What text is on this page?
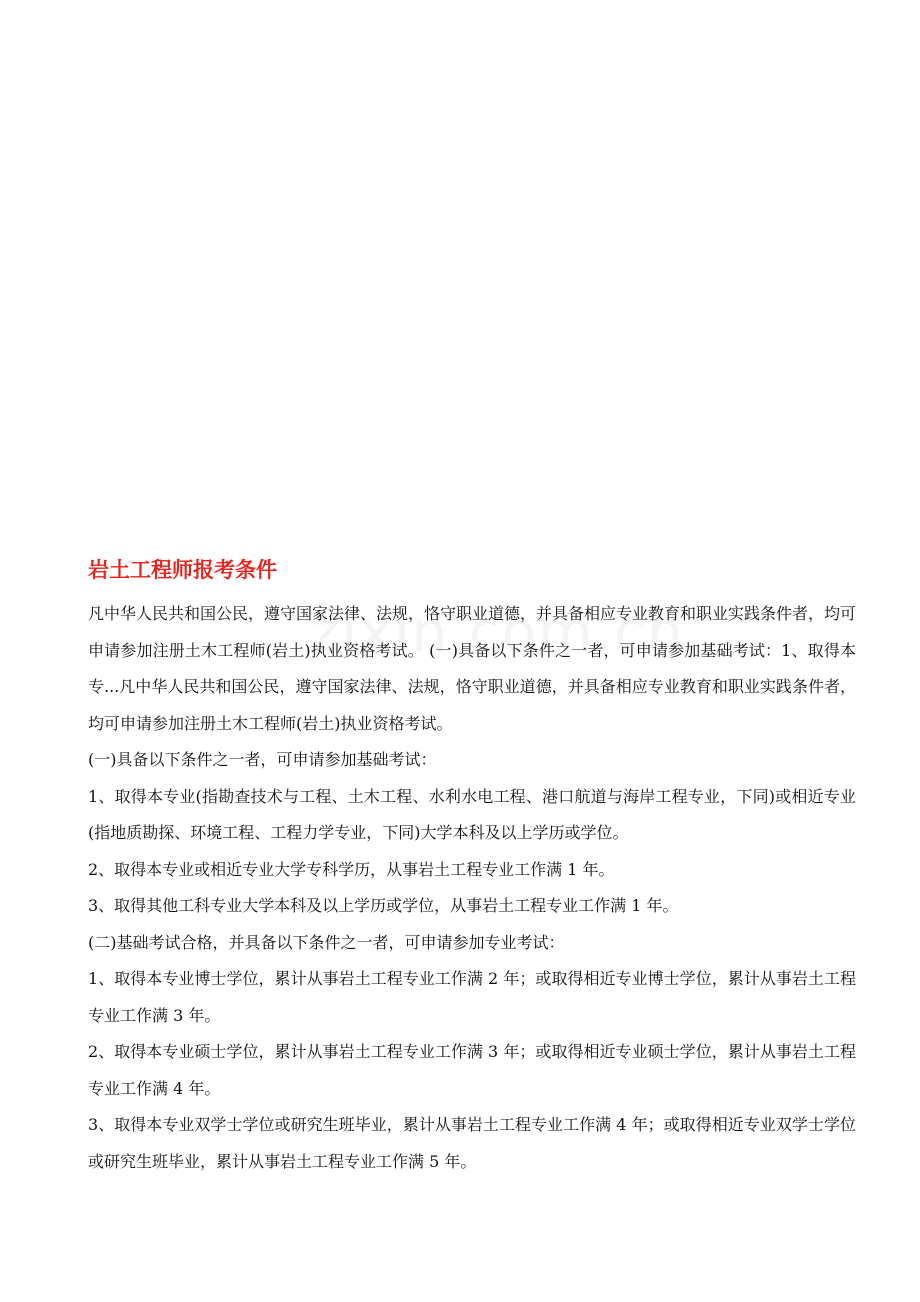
岩土工程师报考条件

凡中华人民共和国公民，遵守国家法律、法规，恪守职业道德，并具备相应专业教育和职业实践条件者，均可申请参加注册土木工程师(岩土)执业资格考试。 (一)具备以下条件之一者，可申请参加基础考试：1、取得本专...凡中华人民共和国公民，遵守国家法律、法规，恪守职业道德，并具备相应专业教育和职业实践条件者，均可申请参加注册土木工程师(岩土)执业资格考试。

(一)具备以下条件之一者，可申请参加基础考试：

1、取得本专业(指勘查技术与工程、土木工程、水利水电工程、港口航道与海岸工程专业，下同)或相近专业(指地质勘探、环境工程、工程力学专业，下同)大学本科及以上学历或学位。

2、取得本专业或相近专业大学专科学历，从事岩土工程专业工作满 1 年。

3、取得其他工科专业大学本科及以上学历或学位，从事岩土工程专业工作满 1 年。

(二)基础考试合格，并具备以下条件之一者，可申请参加专业考试：

1、取得本专业博士学位，累计从事岩土工程专业工作满 2 年；或取得相近专业博士学位，累计从事岩土工程专业工作满 3 年。

2、取得本专业硕士学位，累计从事岩土工程专业工作满 3 年；或取得相近专业硕士学位，累计从事岩土工程专业工作满 4 年。

3、取得本专业双学士学位或研究生班毕业，累计从事岩土工程专业工作满 4 年；或取得相近专业双学士学位或研究生班毕业，累计从事岩土工程专业工作满 5 年。
